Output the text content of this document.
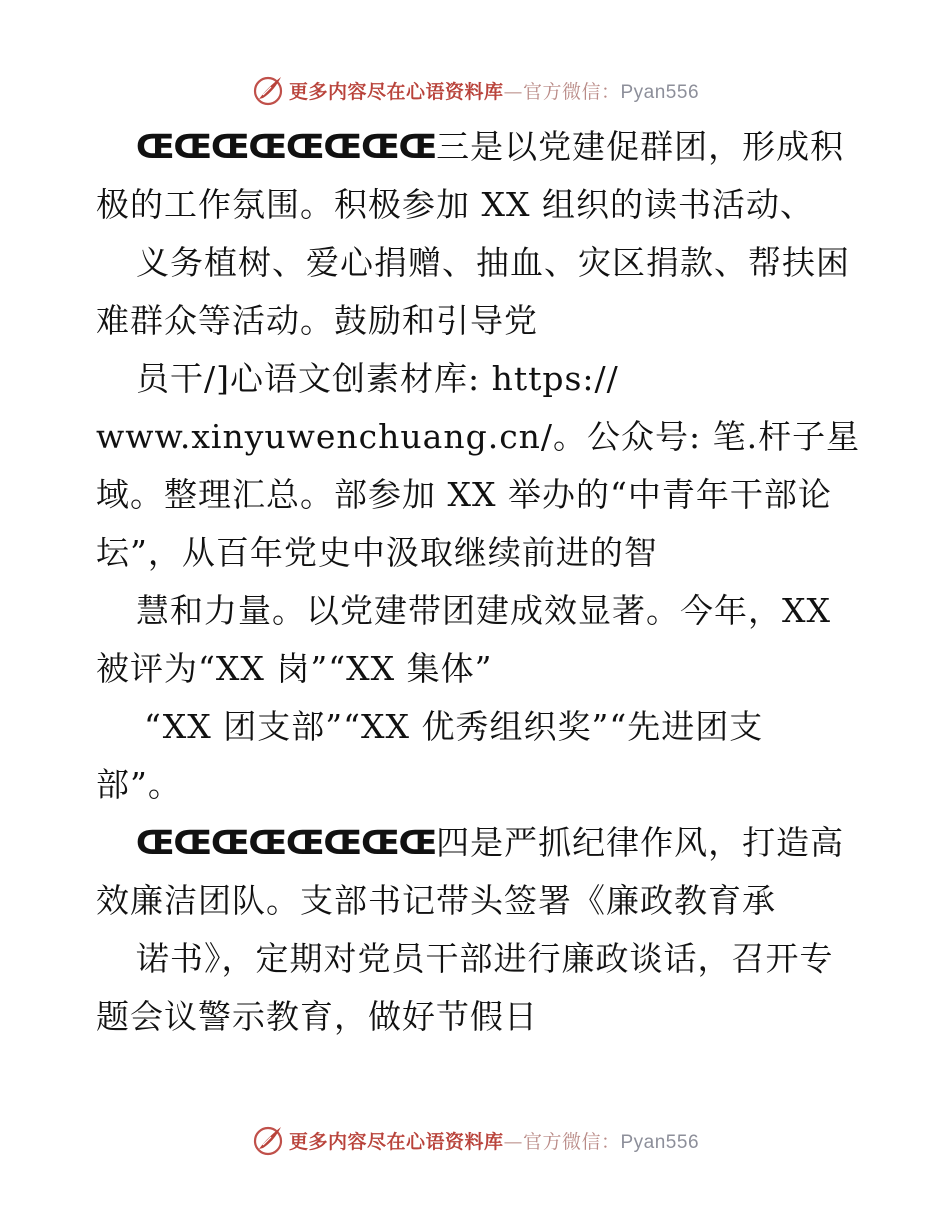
更多内容尽在心语资料库—官方微信：Pyan556
ŒŒŒŒŒŒŒŒ三是以党建促群团，形成积
极的工作氛围。积极参加 XX 组织的读书活动、
义务植树、爱心捐赠、抽血、灾区捐款、帮扶困
难群众等活动。鼓励和引导党
员干/]心语文创素材库: https://
www.xinyuwenchuang.cn/。公众号: 笔.杆子星
域。整理汇总。部参加 XX 举办的“中青年干部论
坛”，从百年党史中汲取继续前进的智
慧和力量。以党建带团建成效显著。今年，XX
被评为“XX 岗”“XX 集体”
“XX 团支部”“XX 优秀组织奖”“先进团支
部”。
ŒŒŒŒŒŒŒŒ四是严抓纪律作风，打造高
效廉洁团队。支部书记带头签署《廉政教育承
诺书》，定期对党员干部进行廉政谈话，召开专
题会议警示教育，做好节假日
更多内容尽在心语资料库—官方微信：Pyan556
